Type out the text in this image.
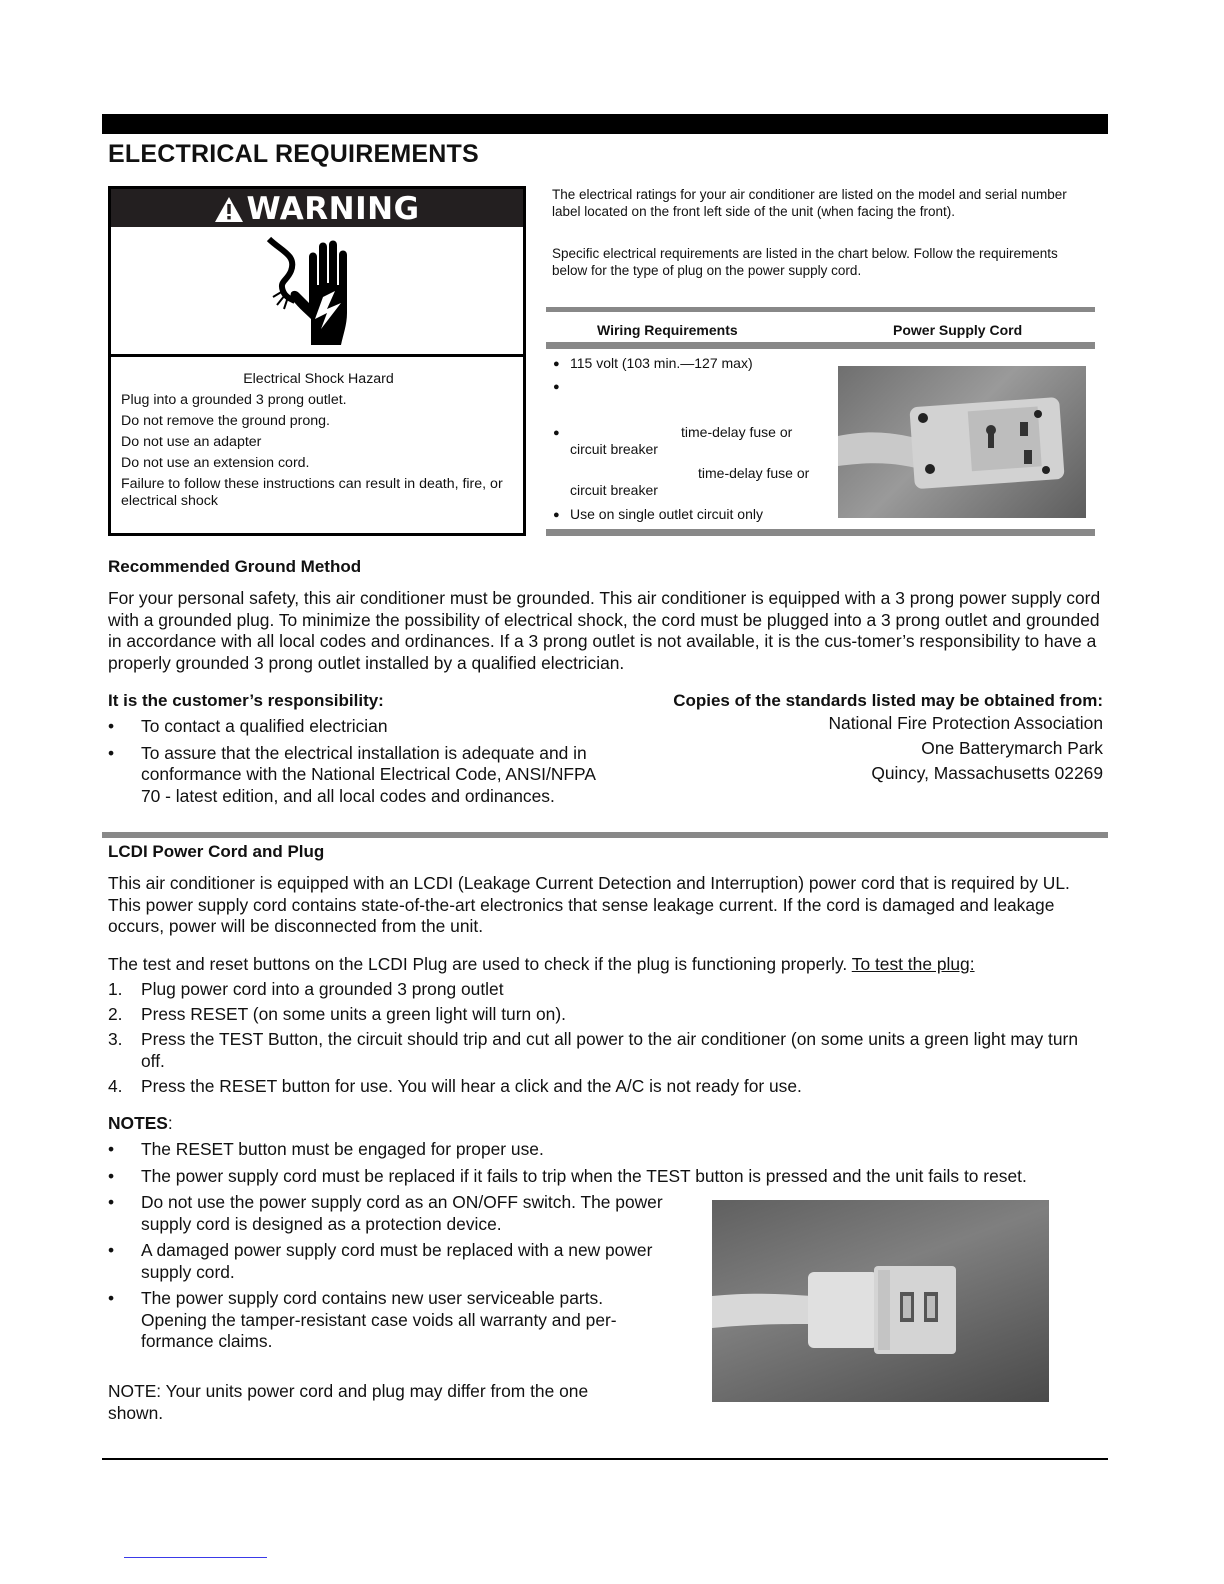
ELECTRICAL REQUIREMENTS
WARNING
Electrical Shock Hazard
Plug into a grounded 3 prong outlet.
Do not remove the ground prong.
Do not use an adapter
Do not use an extension cord.
Failure to follow these instructions can result in death, fire, or electrical shock
The electrical ratings for your air conditioner are listed on the model and serial number label located on the front left side of the unit (when facing the front).
Specific electrical requirements are listed in the chart below. Follow the requirements below for the type of plug on the power supply cord.
Wiring Requirements	Power Supply Cord
● 115 volt (103 min.—127 max)
time-delay fuse or
circuit breaker
time-delay fuse or
circuit breaker
● Use on single outlet circuit only
Recommended Ground Method
For your personal safety, this air conditioner must be grounded. This air conditioner is equipped with a 3 prong power supply cord with a grounded plug. To minimize the possibility of electrical shock, the cord must be plugged into a 3 prong outlet and grounded in accordance with all local codes and ordinances. If a 3 prong outlet is not available, it is the cus-tomer’s responsibility to have a properly grounded 3 prong outlet installed by a qualified electrician.
It is the customer’s responsibility:
• To contact a qualified electrician
• To assure that the electrical installation is adequate and in conformance with the National Electrical Code, ANSI/NFPA 70 - latest edition, and all local codes and ordinances.
Copies of the standards listed may be obtained from:
National Fire Protection Association
One Batterymarch Park
Quincy, Massachusetts 02269
LCDI Power Cord and Plug
This air conditioner is equipped with an LCDI (Leakage Current Detection and Interruption) power cord that is required by UL. This power supply cord contains state-of-the-art electronics that sense leakage current. If the cord is damaged and leakage occurs, power will be disconnected from the unit.
The test and reset buttons on the LCDI Plug are used to check if the plug is functioning properly. To test the plug:
1. Plug power cord into a grounded 3 prong outlet
2. Press RESET (on some units a green light will turn on).
3. Press the TEST Button, the circuit should trip and cut all power to the air conditioner (on some units a green light may turn off.
4. Press the RESET button for use. You will hear a click and the A/C is not ready for use.
NOTES:
• The RESET button must be engaged for proper use.
• The power supply cord must be replaced if it fails to trip when the TEST button is pressed and the unit fails to reset.
• Do not use the power supply cord as an ON/OFF switch. The power supply cord is designed as a protection device.
• A damaged power supply cord must be replaced with a new power supply cord.
• The power supply cord contains new user serviceable parts. Opening the tamper-resistant case voids all warranty and per-formance claims.
NOTE: Your units power cord and plug may differ from the one shown.
